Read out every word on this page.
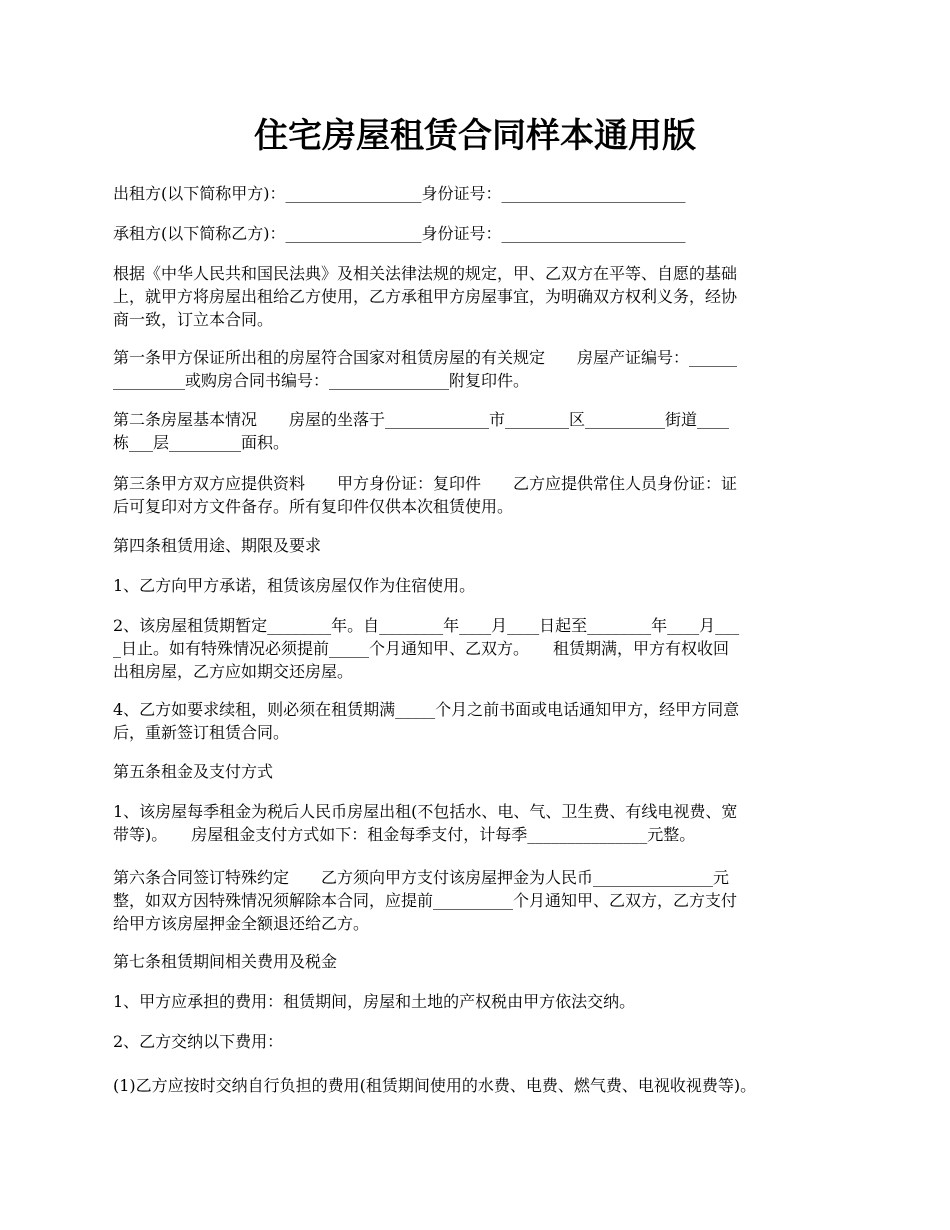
住宅房屋租赁合同样本通用版
出租方(以下简称甲方)：_________________身份证号：_______________________
承租方(以下简称乙方)：_________________身份证号：_______________________
根据《中华人民共和国民法典》及相关法律法规的规定，甲、乙双方在平等、自愿的基础
上，就甲方将房屋出租给乙方使用，乙方承租甲方房屋事宜，为明确双方权利义务，经协
商一致，订立本合同。
第一条甲方保证所出租的房屋符合国家对租赁房屋的有关规定　　房屋产证编号：______
_________或购房合同书编号：_______________附复印件。
第二条房屋基本情况　　房屋的坐落于_____________市________区__________街道____
栋___层_________面积。
第三条甲方双方应提供资料　　甲方身份证：复印件　　乙方应提供常住人员身份证：证
后可复印对方文件备存。所有复印件仅供本次租赁使用。
第四条租赁用途、期限及要求
1、乙方向甲方承诺，租赁该房屋仅作为住宿使用。
2、该房屋租赁期暂定________年。自________年____月____日起至________年____月___
_日止。如有特殊情况必须提前_____个月通知甲、乙双方。　　租赁期满，甲方有权收回
出租房屋，乙方应如期交还房屋。
4、乙方如要求续租，则必须在租赁期满_____个月之前书面或电话通知甲方，经甲方同意
后，重新签订租赁合同。
第五条租金及支付方式
1、该房屋每季租金为税后人民币房屋出租(不包括水、电、气、卫生费、有线电视费、宽
带等)。　　房屋租金支付方式如下：租金每季支付，计每季_______________元整。
第六条合同签订特殊约定　　乙方须向甲方支付该房屋押金为人民币_______________元
整，如双方因特殊情况须解除本合同，应提前__________个月通知甲、乙双方，乙方支付
给甲方该房屋押金全额退还给乙方。
第七条租赁期间相关费用及税金
1、甲方应承担的费用：租赁期间，房屋和土地的产权税由甲方依法交纳。
2、乙方交纳以下费用：
(1)乙方应按时交纳自行负担的费用(租赁期间使用的水费、电费、燃气费、电视收视费等)。
